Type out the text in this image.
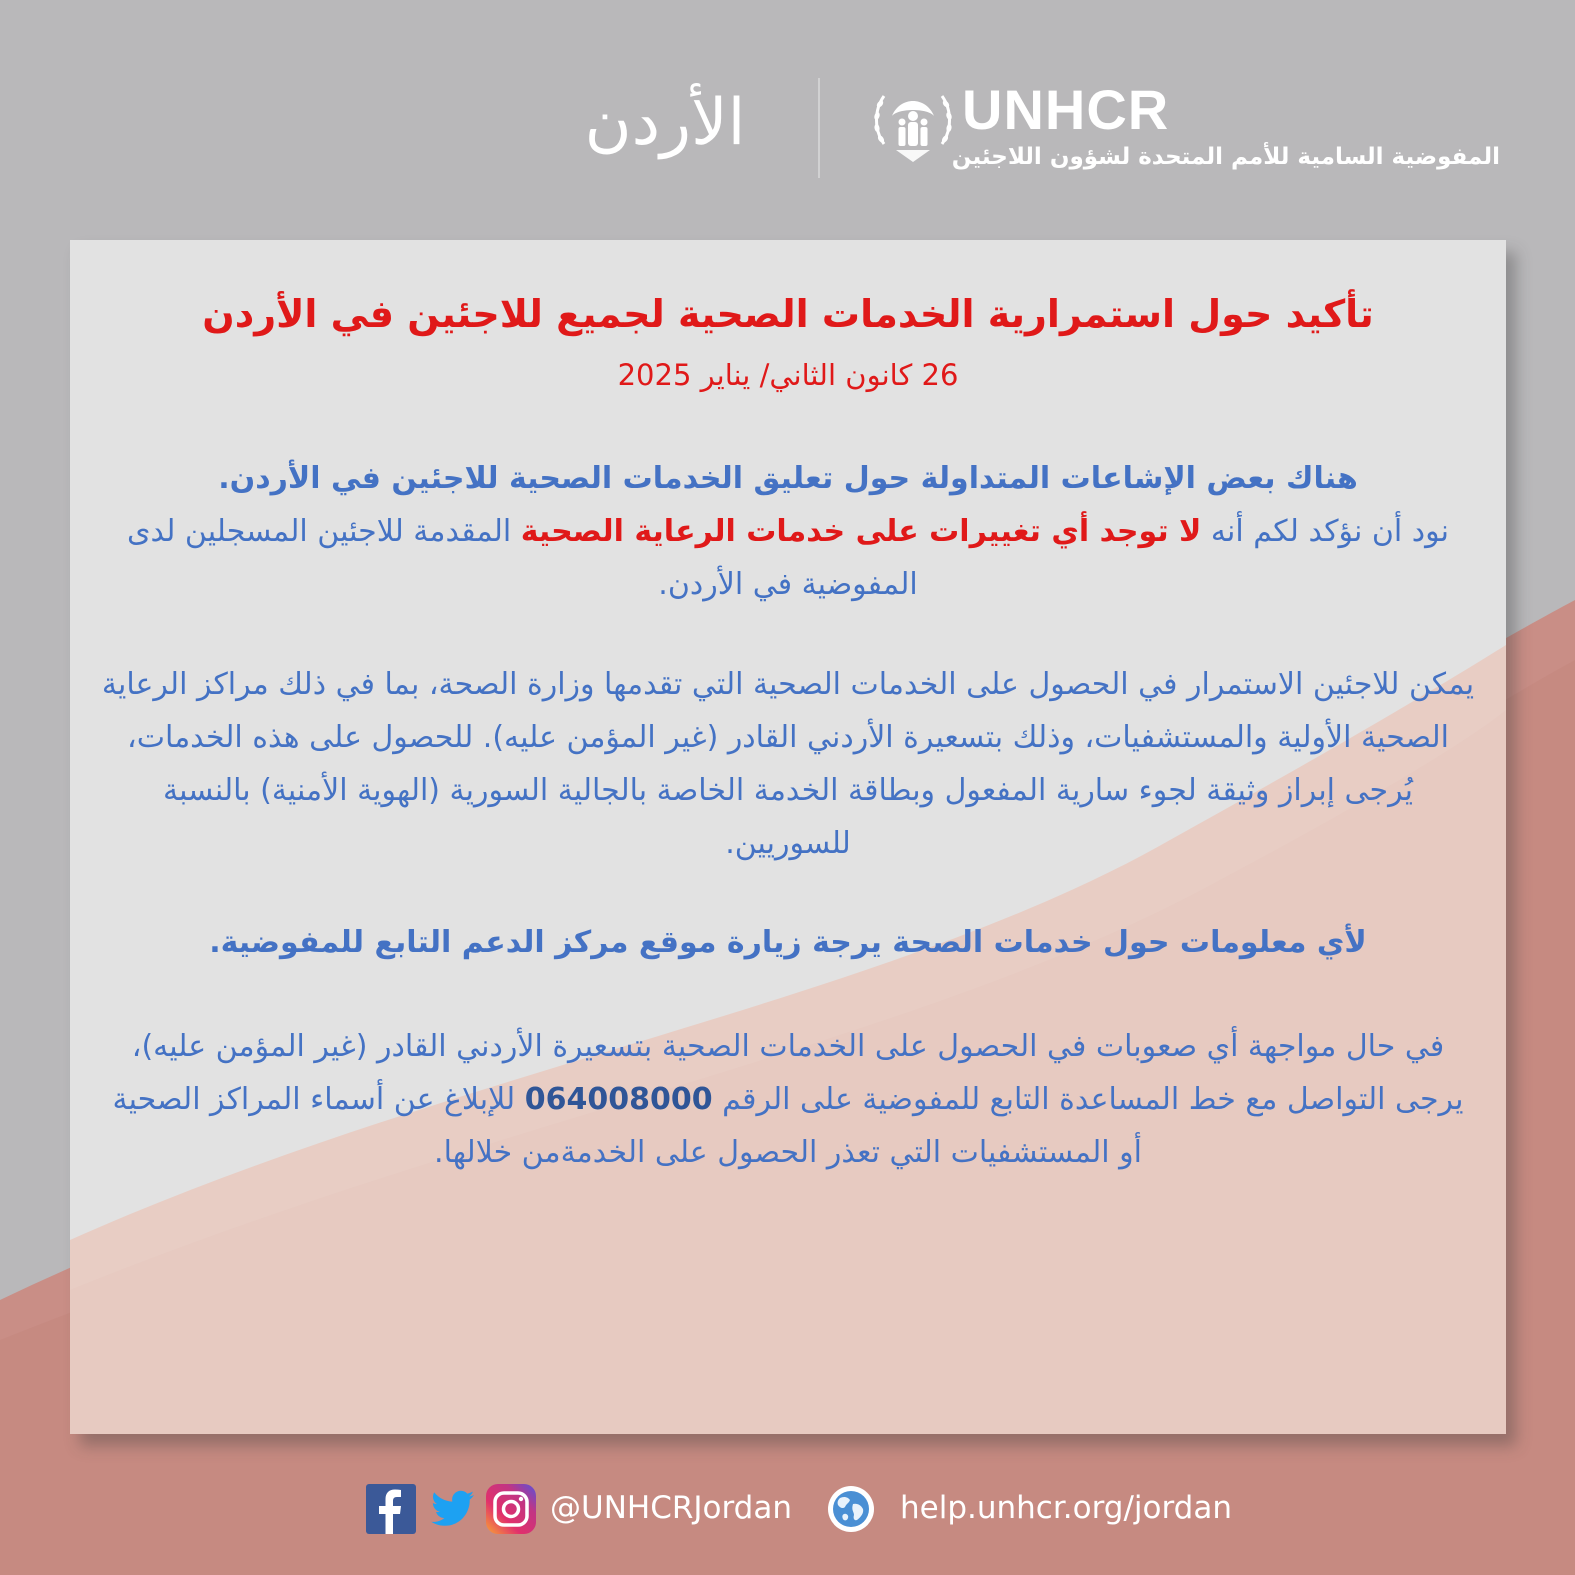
الأردن	UNHCR
المفوضية السامية للأمم المتحدة لشؤون اللاجئين
تأكيد حول استمرارية الخدمات الصحية لجميع للاجئين في الأردن
26 كانون الثاني/ يناير 2025
هناك بعض الإشاعات المتداولة حول تعليق الخدمات الصحية للاجئين في الأردن.
نود أن نؤكد لكم أنه لا توجد أي تغييرات على خدمات الرعاية الصحية المقدمة للاجئين المسجلين لدى المفوضية في الأردن.
يمكن للاجئين الاستمرار في الحصول على الخدمات الصحية التي تقدمها وزارة الصحة، بما في ذلك مراكز الرعاية الصحية الأولية والمستشفيات، وذلك بتسعيرة الأردني القادر (غير المؤمن عليه). للحصول على هذه الخدمات، يُرجى إبراز وثيقة لجوء سارية المفعول وبطاقة الخدمة الخاصة بالجالية السورية (الهوية الأمنية) بالنسبة للسوريين.
لأي معلومات حول خدمات الصحة يرجة زيارة موقع مركز الدعم التابع للمفوضية.
في حال مواجهة أي صعوبات في الحصول على الخدمات الصحية بتسعيرة الأردني القادر (غير المؤمن عليه)، يرجى التواصل مع خط المساعدة التابع للمفوضية على الرقم 064008000 للإبلاغ عن أسماء المراكز الصحية أو المستشفيات التي تعذر الحصول على الخدمةمن خلالها.
@UNHCRJordan	help.unhcr.org/jordan
